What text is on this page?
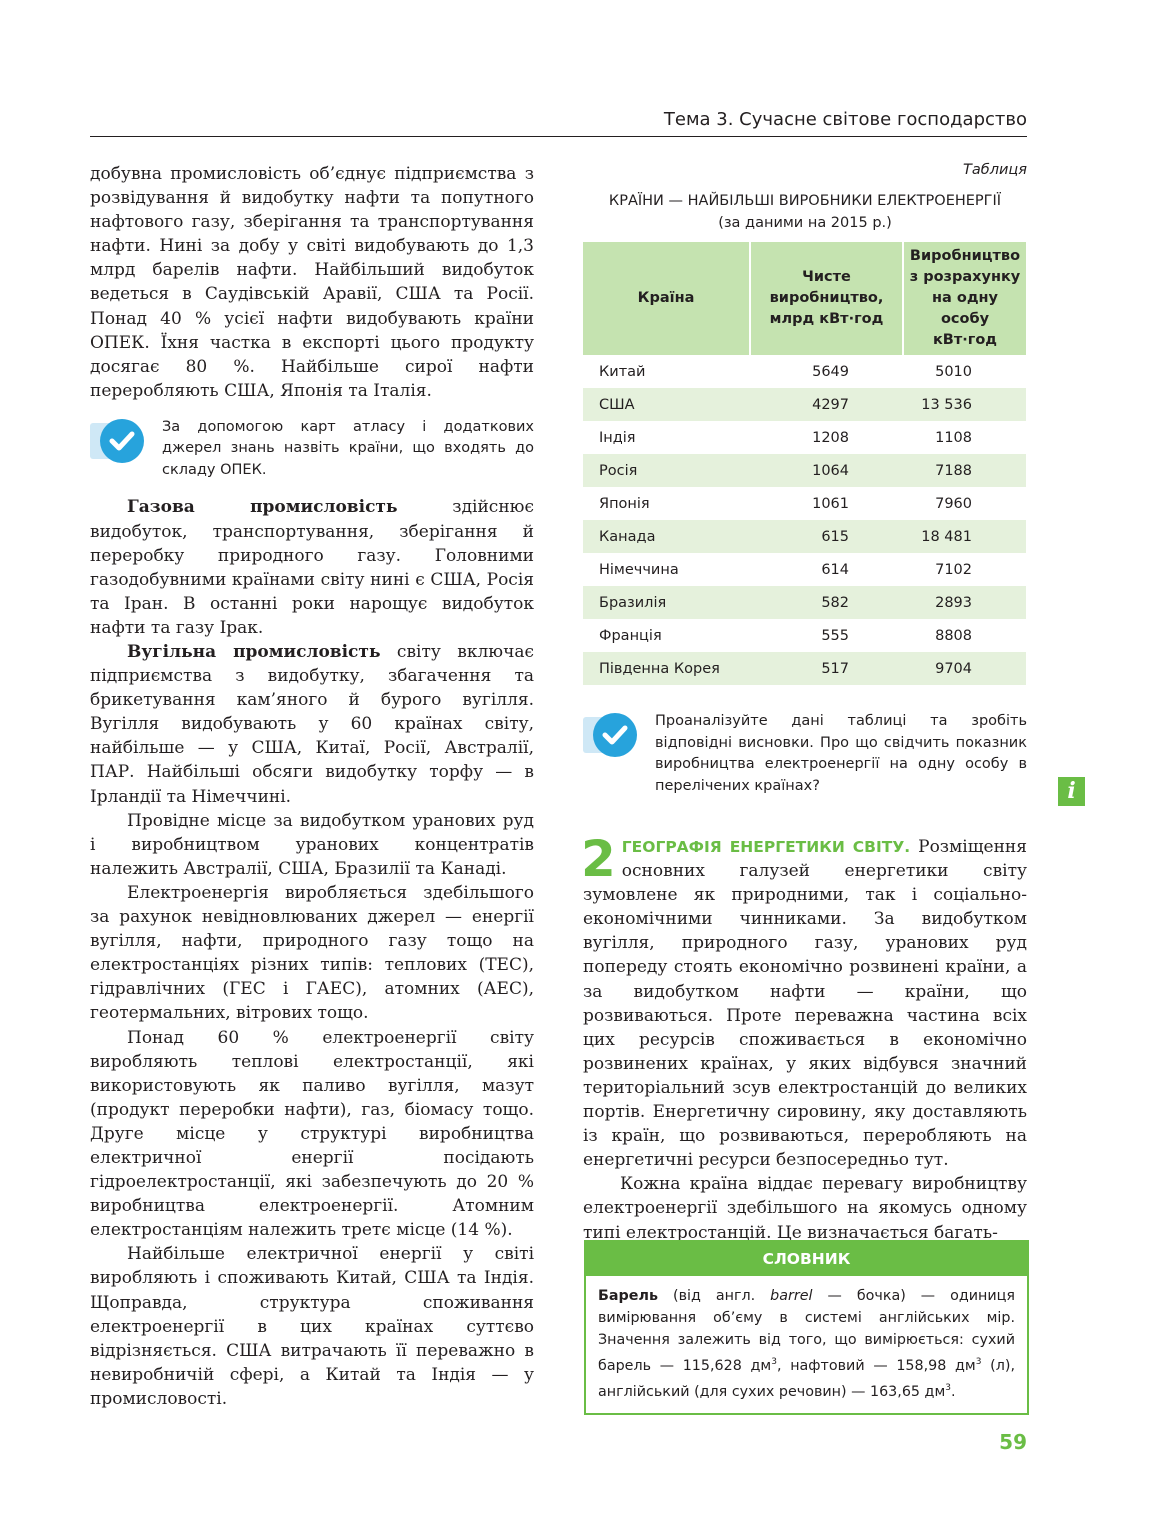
Тема 3. Сучасне світове господарство

добувна промисловість об’єднує підприємства з розвідування й видобутку нафти та попутного нафтового газу, зберігання та транспортування нафти. Нині за добу у світі видобувають до 1,3 млрд барелів нафти. Найбільший видобуток ведеться в Саудівській Аравії, США та Росії. Понад 40 % усієї нафти видобувають країни ОПЕК. Їхня частка в експорті цього продукту досягає 80 %. Найбільше сирої нафти переробляють США, Японія та Італія.

За допомогою карт атласу і додаткових джерел знань назвіть країни, що входять до складу ОПЕК.

Газова промисловість здійснює видобуток, транспортування, зберігання й переробку природного газу. Головними газодобувними країнами світу нині є США, Росія та Іран. В останні роки нарощує видобуток нафти та газу Ірак.

Вугільна промисловість світу включає підприємства з видобутку, збагачення та брикетування кам’яного й бурого вугілля. Вугілля видобувають у 60 країнах світу, найбільше — у США, Китаї, Росії, Австралії, ПАР. Найбільші обсяги видобутку торфу — в Ірландії та Німеччині.

Провідне місце за видобутком уранових руд і виробництвом уранових концентратів належить Австралії, США, Бразилії та Канаді.

Електроенергія виробляється здебільшого за рахунок невідновлюваних джерел — енергії вугілля, нафти, природного газу тощо на електростанціях різних типів: теплових (ТЕС), гідравлічних (ГЕС і ГАЕС), атомних (АЕС), геотермальних, вітрових тощо.

Понад 60 % електроенергії світу виробляють теплові електростанції, які використовують як паливо вугілля, мазут (продукт переробки нафти), газ, біомасу тощо. Друге місце у структурі виробництва електричної енергії посідають гідроелектростанції, які забезпечують до 20 % виробництва електроенергії. Атомним електростанціям належить третє місце (14 %).

Найбільше електричної енергії у світі виробляють і споживають Китай, США та Індія. Щоправда, структура споживання електроенергії в цих країнах суттєво відрізняється. США витрачають її переважно в невиробничій сфері, а Китай та Індія — у промисловості.

Таблиця
КРАЇНИ — НАЙБІЛЬШІ ВИРОБНИКИ ЕЛЕКТРОЕНЕРГІЇ
(за даними на 2015 р.)
Країна	Чисте виробництво, млрд кВт·год	Виробництво з розрахунку на одну особу кВт·год
Китай	5649	5010
США	4297	13 536
Індія	1208	1108
Росія	1064	7188
Японія	1061	7960
Канада	615	18 481
Німеччина	614	7102
Бразилія	582	2893
Франція	555	8808
Південна Корея	517	9704
Проаналізуйте дані таблиці та зробіть відповідні висновки. Про що свідчить показник виробництва електроенергії на одну особу в перелічених країнах?
2 ГЕОГРАФІЯ ЕНЕРГЕТИКИ СВІТУ. Розміщення основних галузей енергетики світу зумовлене як природними, так і соціально-економічними чинниками. За видобутком вугілля, природного газу, уранових руд попереду стоять економічно розвинені країни, а за видобутком нафти — країни, що розвиваються. Проте переважна частина всіх цих ресурсів споживається в економічно розвинених країнах, у яких відбувся значний територіальний зсув електростанцій до великих портів. Енергетичну сировину, яку доставляють із країн, що розвиваються, переробляють на енергетичні ресурси безпосередньо тут.

Кожна країна віддає перевагу виробництву електроенергії здебільшого на якомусь одному типі електростанцій. Це визначається багать-

СЛОВНИК
Барель (від англ. barrel — бочка) — одиниця вимірювання об’єму в системі англійських мір. Значення залежить від того, що вимірюється: сухий барель — 115,628 $дм^3$, нафтовий — 158,98 $дм^3$ (л), англійський (для сухих речовин) — 163,65 $дм^3$.
i
59
